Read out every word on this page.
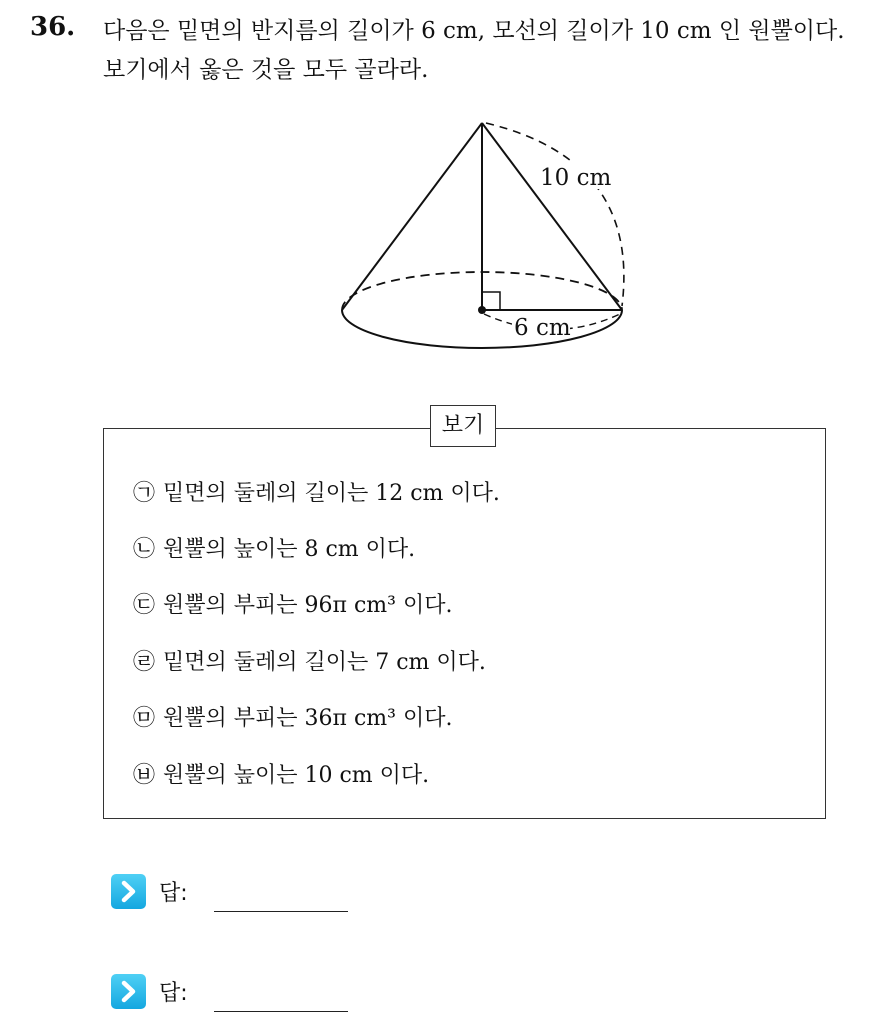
36. 다음은 밑면의 반지름의 길이가 6 cm, 모선의 길이가 10 cm 인 원뿔이다. 보기에서 옳은 것을 모두 골라라.
10 cm
6 cm
보기
㉠ 밑면의 둘레의 길이는 12 cm 이다.
㉡ 원뿔의 높이는 8 cm 이다.
㉢ 원뿔의 부피는 96π cm³ 이다.
㉣ 밑면의 둘레의 길이는 7 cm 이다.
㉤ 원뿔의 부피는 36π cm³ 이다.
㉥ 원뿔의 높이는 10 cm 이다.
답:
답:
